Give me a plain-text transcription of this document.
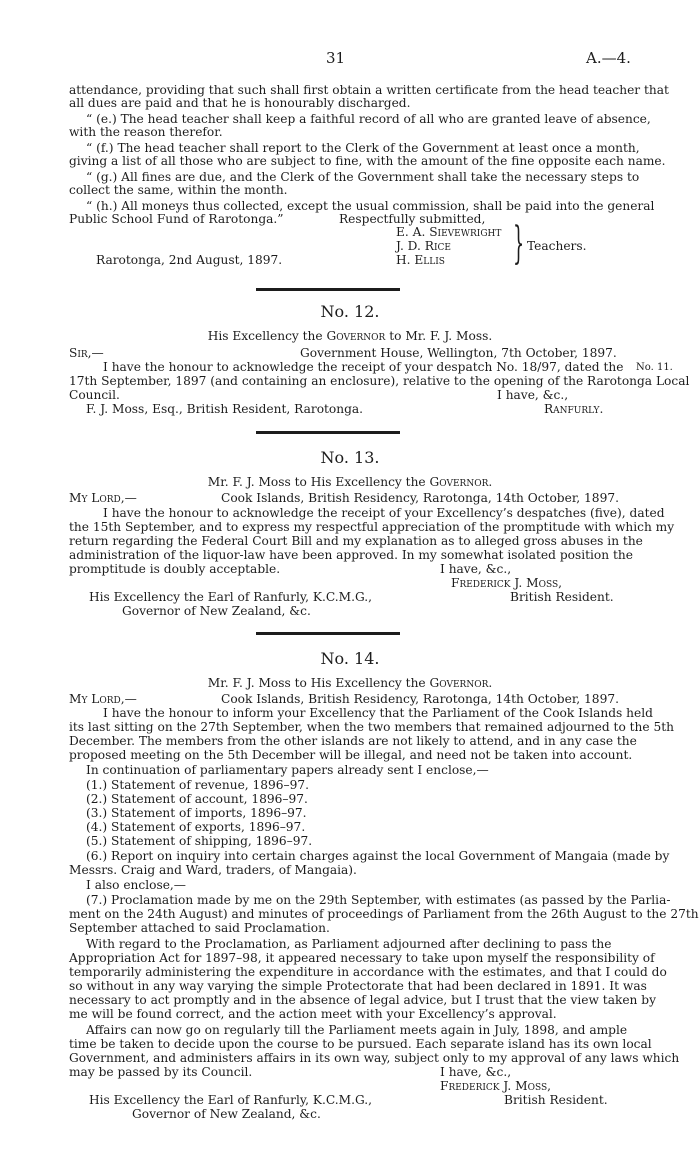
31	A.—4.
attendance, providing that such shall first obtain a written certificate from the head teacher that
all dues are paid and that he is honourably discharged.
“ (e.) The head teacher shall keep a faithful record of all who are granted leave of absence,
with the reason therefor.
“ (f.) The head teacher shall report to the Clerk of the Government at least once a month,
giving a list of all those who are subject to fine, with the amount of the fine opposite each name.
“ (g.) All fines are due, and the Clerk of the Government shall take the necessary steps to
collect the same, within the month.
“ (h.) All moneys thus collected, except the usual commission, shall be paid into the general
Public School Fund of Rarotonga.”	Respectfully submitted,
E. A. Sievewright
J. D. Rice
H. Ellis } Teachers.
Rarotonga, 2nd August, 1897.
No. 12.
His Excellency the Governor to Mr. F. J. Moss.
Sir,—	Government House, Wellington, 7th October, 1897.
I have the honour to acknowledge the receipt of your despatch No. 18/97, dated the No. 11.
17th September, 1897 (and containing an enclosure), relative to the opening of the Rarotonga Local
Council.	I have, &c.,
F. J. Moss, Esq., British Resident, Rarotonga.	Ranfurly.
No. 13.
Mr. F. J. Moss to His Excellency the Governor.
My Lord,—	Cook Islands, British Residency, Rarotonga, 14th October, 1897.
I have the honour to acknowledge the receipt of your Excellency’s despatches (five), dated
the 15th September, and to express my respectful appreciation of the promptitude with which my
return regarding the Federal Court Bill and my explanation as to alleged gross abuses in the
administration of the liquor-law have been approved. In my somewhat isolated position the
promptitude is doubly acceptable.	I have, &c.,
Frederick J. Moss,
His Excellency the Earl of Ranfurly, K.C.M.G.,	British Resident.
Governor of New Zealand, &c.
No. 14.
Mr. F. J. Moss to His Excellency the Governor.
My Lord,—	Cook Islands, British Residency, Rarotonga, 14th October, 1897.
I have the honour to inform your Excellency that the Parliament of the Cook Islands held
its last sitting on the 27th September, when the two members that remained adjourned to the 5th
December. The members from the other islands are not likely to attend, and in any case the
proposed meeting on the 5th December will be illegal, and need not be taken into account.
In continuation of parliamentary papers already sent I enclose,—
(1.) Statement of revenue, 1896–97.
(2.) Statement of account, 1896–97.
(3.) Statement of imports, 1896–97.
(4.) Statement of exports, 1896–97.
(5.) Statement of shipping, 1896–97.
(6.) Report on inquiry into certain charges against the local Government of Mangaia (made by
Messrs. Craig and Ward, traders, of Mangaia).
I also enclose,—
(7.) Proclamation made by me on the 29th September, with estimates (as passed by the Parlia-
ment on the 24th August) and minutes of proceedings of Parliament from the 26th August to the 27th
September attached to said Proclamation.
With regard to the Proclamation, as Parliament adjourned after declining to pass the
Appropriation Act for 1897–98, it appeared necessary to take upon myself the responsibility of
temporarily administering the expenditure in accordance with the estimates, and that I could do
so without in any way varying the simple Protectorate that had been declared in 1891. It was
necessary to act promptly and in the absence of legal advice, but I trust that the view taken by
me will be found correct, and the action meet with your Excellency’s approval.
Affairs can now go on regularly till the Parliament meets again in July, 1898, and ample
time be taken to decide upon the course to be pursued. Each separate island has its own local
Government, and administers affairs in its own way, subject only to my approval of any laws which
may be passed by its Council.	I have, &c.,
Frederick J. Moss,
His Excellency the Earl of Ranfurly, K.C.M.G.,	British Resident.
Governor of New Zealand, &c.
